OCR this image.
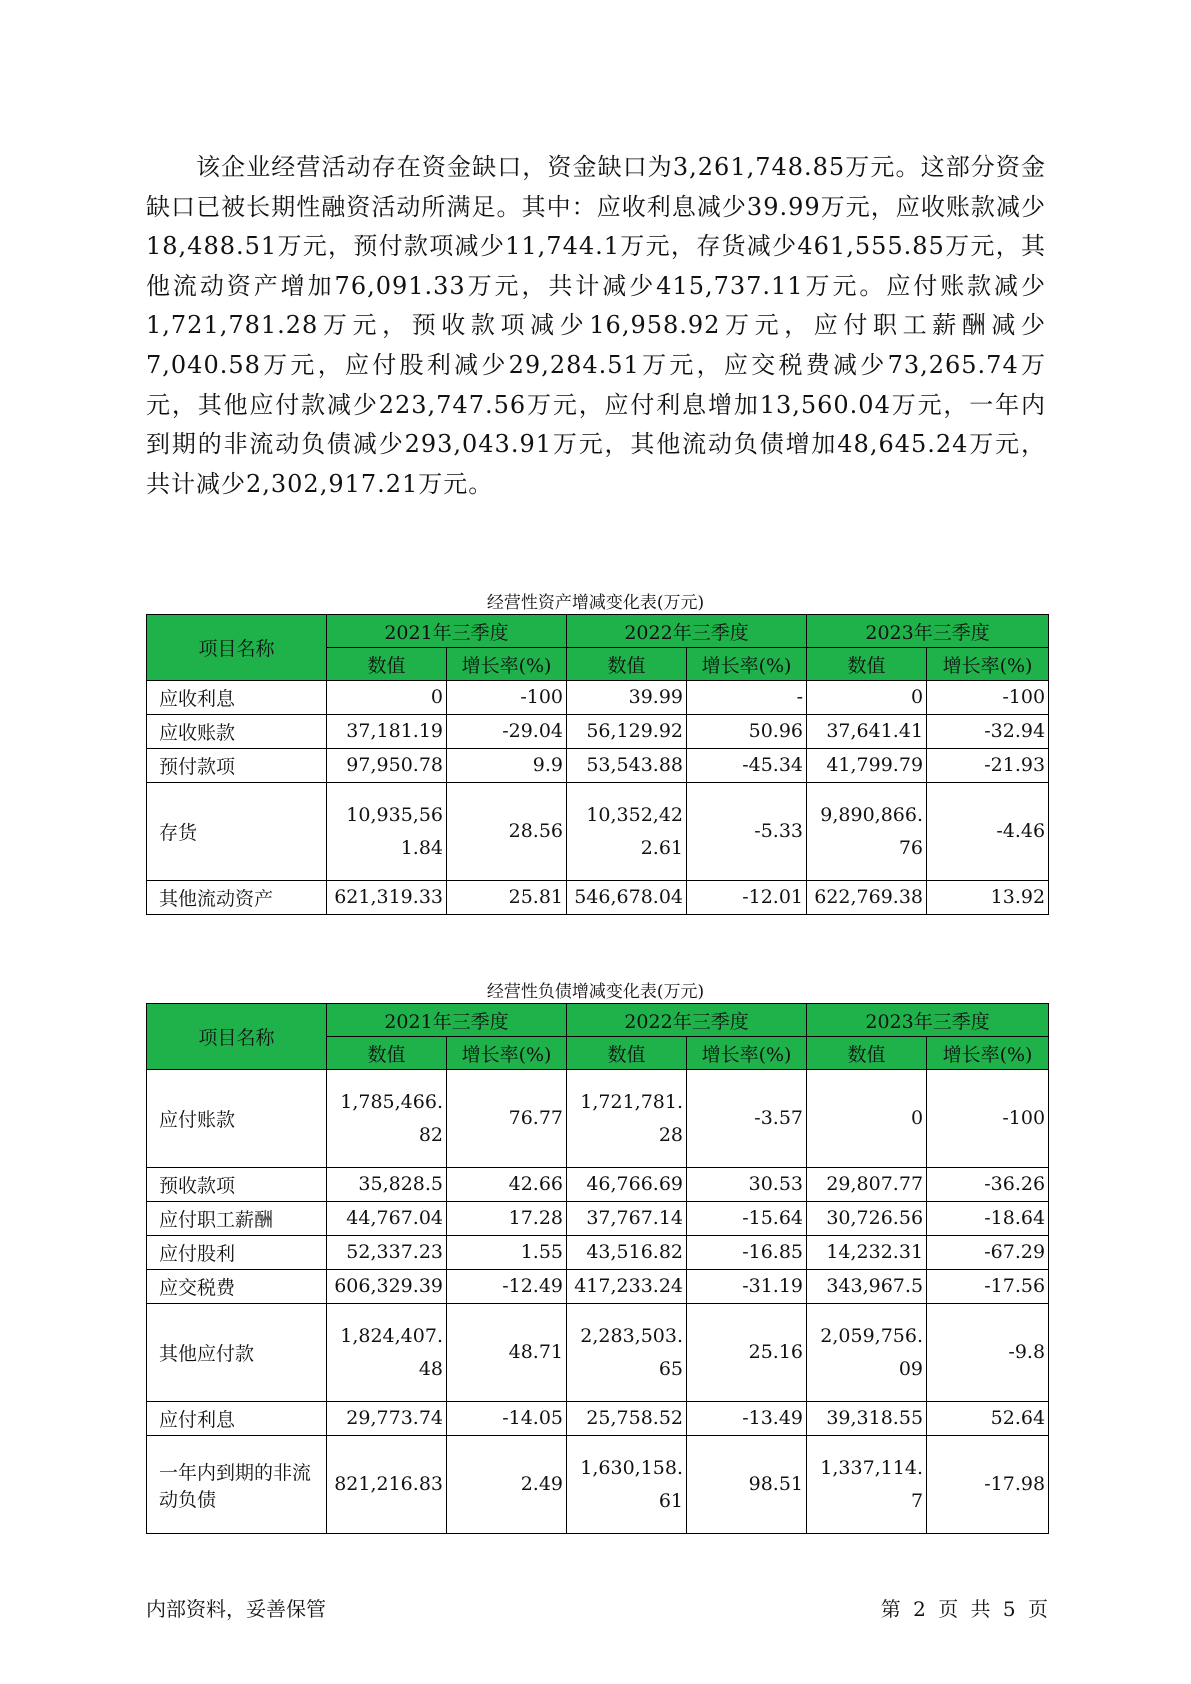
该企业经营活动存在资金缺口，资金缺口为3,261,748.85万元。这部分资金缺口已被长期性融资活动所满足。其中：应收利息减少39.99万元，应收账款减少18,488.51万元，预付款项减少11,744.1万元，存货减少461,555.85万元，其他流动资产增加76,091.33万元，共计减少415,737.11万元。应付账款减少1,721,781.28万元，预收款项减少16,958.92万元，应付职工薪酬减少7,040.58万元，应付股利减少29,284.51万元，应交税费减少73,265.74万元，其他应付款减少223,747.56万元，应付利息增加13,560.04万元，一年内到期的非流动负债减少293,043.91万元，其他流动负债增加48,645.24万元，共计减少2,302,917.21万元。

经营性资产增减变化表(万元)
项目名称	2021年三季度		2022年三季度		2023年三季度	
	数值	增长率(%)	数值	增长率(%)	数值	增长率(%)
应收利息	0	-100	39.99	-	0	-100

应收账款	37,181.19	-29.04	56,129.92	50.96	37,641.41	-32.94

预付款项	97,950.78	9.9	53,543.88	-45.34	41,799.79	-21.93

存货	10,935,561.84	28.56	10,352,422.61	-5.33	9,890,866.76	-4.46

其他流动资产	621,319.33	25.81	546,678.04	-12.01	622,769.38	13.92
经营性负债增减变化表(万元)
项目名称	2021年三季度		2022年三季度		2023年三季度	
	数值	增长率(%)	数值	增长率(%)	数值	增长率(%)
应付账款	1,785,466.82	76.77	1,721,781.28	-3.57	0	-100

预收款项	35,828.5	42.66	46,766.69	30.53	29,807.77	-36.26

应付职工薪酬	44,767.04	17.28	37,767.14	-15.64	30,726.56	-18.64

应付股利	52,337.23	1.55	43,516.82	-16.85	14,232.31	-67.29

应交税费	606,329.39	-12.49	417,233.24	-31.19	343,967.5	-17.56

其他应付款	1,824,407.48	48.71	2,283,503.65	25.16	2,059,756.09	-9.8

应付利息	29,773.74	-14.05	25,758.52	-13.49	39,318.55	52.64

一年内到期的非流动负债	821,216.83	2.49	1,630,158.61	98.51	1,337,114.7	-17.98
内部资料，妥善保管	第 2 页 共 5 页
